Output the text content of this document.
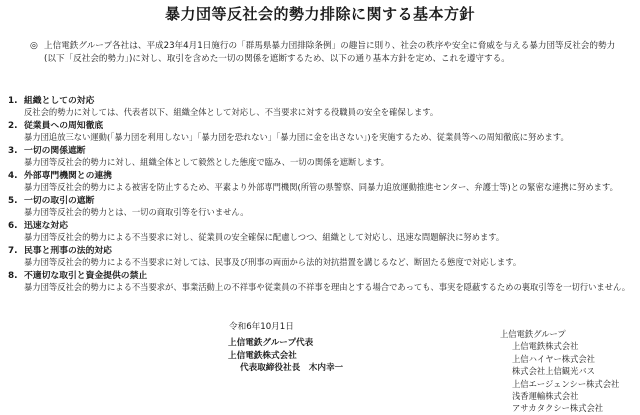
暴力団等反社会的勢力排除に関する基本方針
◎ 上信電鉄グループ各社は、平成23年4月1日施行の「群馬県暴力団排除条例」の趣旨に則り、社会の秩序や安全に脅威を与える暴力団等反社会的勢力(以下「反社会的勢力」)に対し、取引を含めた一切の関係を遮断するため、以下の通り基本方針を定め、これを遵守する。
1. 組織としての対応
反社会的勢力に対しては、代表者以下、組織全体として対応し、不当要求に対する役職員の安全を確保します。
2. 従業員への周知徹底
暴力団追放三ない運動(「暴力団を利用しない」「暴力団を恐れない」「暴力団に金を出さない」)を実施するため、従業員等への周知徹底に努めます。
3. 一切の関係遮断
暴力団等反社会的勢力に対し、組織全体として毅然とした態度で臨み、一切の関係を遮断します。
4. 外部専門機関との連携
暴力団等反社会的勢力による被害を防止するため、平素より外部専門機関(所管の県警察、同暴力追放運動推進センター、弁護士等)との緊密な連携に努めます。
5. 一切の取引の遮断
暴力団等反社会的勢力とは、一切の商取引等を行いません。
6. 迅速な対応
暴力団等反社会的勢力による不当要求に対し、従業員の安全確保に配慮しつつ、組織として対応し、迅速な問題解決に努めます。
7. 民事と刑事の法的対応
暴力団等反社会的勢力による不当要求に対しては、民事及び刑事の両面から法的対抗措置を講じるなど、断固たる態度で対応します。
8. 不適切な取引と資金提供の禁止
暴力団等反社会的勢力による不当要求が、事業活動上の不祥事や従業員の不祥事を理由とする場合であっても、事実を隠蔽するための裏取引等を一切行いません。
令和6年10月1日
上信電鉄グループ代表
上信電鉄株式会社
代表取締役社長　木内幸一
上信電鉄グループ
上信電鉄株式会社
上信ハイヤー株式会社
株式会社上信観光バス
上信エージェンシー株式会社
浅香運輸株式会社
アサカタクシー株式会社
